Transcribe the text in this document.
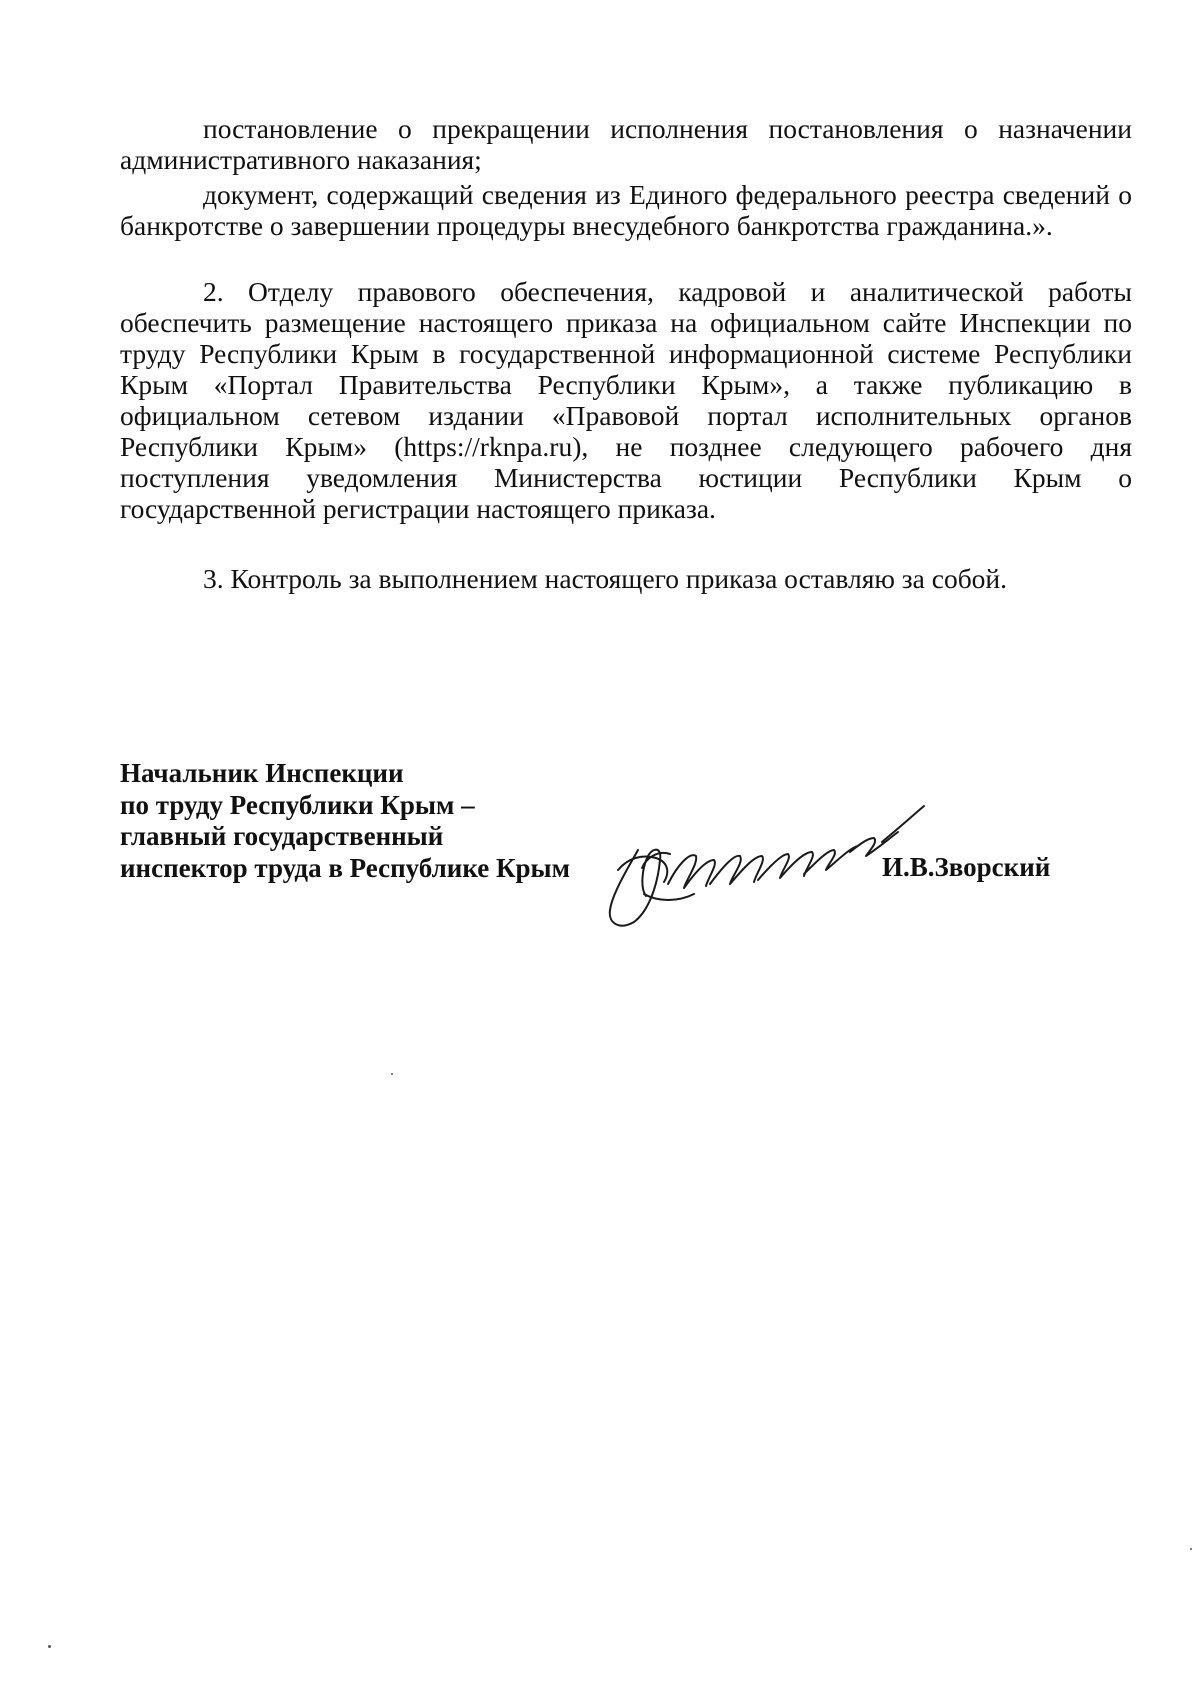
постановление о прекращении исполнения постановления о назначении административного наказания;

документ, содержащий сведения из Единого федерального реестра сведений о банкротстве о завершении процедуры внесудебного банкротства гражданина.».

2. Отделу правового обеспечения, кадровой и аналитической работы обеспечить размещение настоящего приказа на официальном сайте Инспекции по труду Республики Крым в государственной информационной системе Республики Крым «Портал Правительства Республики Крым», а также публикацию в официальном сетевом издании «Правовой портал исполнительных органов Республики Крым» (https://rknpa.ru), не позднее следующего рабочего дня поступления уведомления Министерства юстиции Республики Крым о государственной регистрации настоящего приказа.

3. Контроль за выполнением настоящего приказа оставляю за собой.

Начальник Инспекции
по труду Республики Крым –
главный государственный
инспектор труда в Республике Крым	И.В.Зворский
